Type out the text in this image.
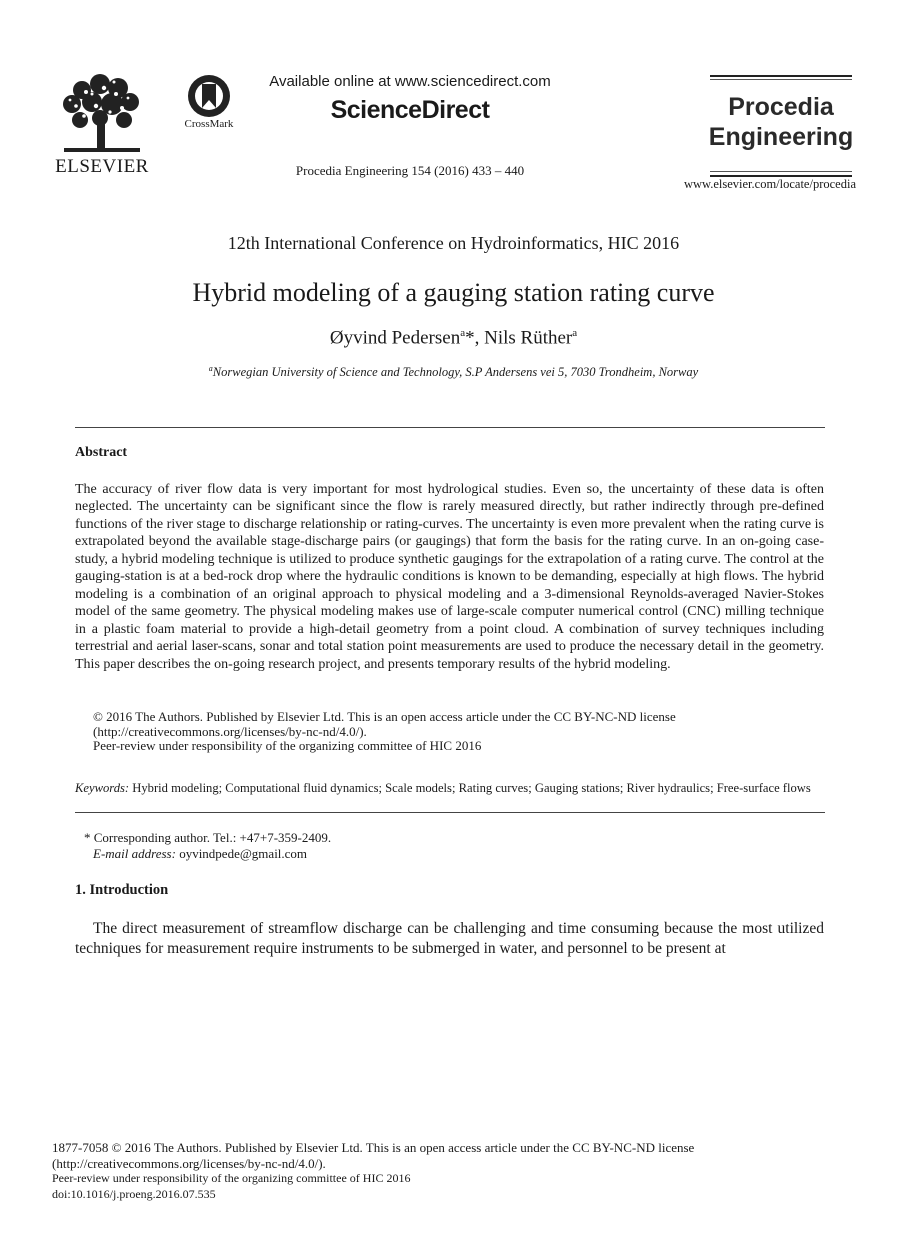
ELSEVIER
CrossMark
Available online at www.sciencedirect.com
ScienceDirect
Procedia Engineering 154 (2016) 433 – 440
Procedia
Engineering
www.elsevier.com/locate/procedia
12th International Conference on Hydroinformatics, HIC 2016
Hybrid modeling of a gauging station rating curve
Øyvind Pedersen$^a$*, Nils Rüther$^a$
$^a$Norwegian University of Science and Technology, S.P Andersens vei 5, 7030 Trondheim, Norway
Abstract
The accuracy of river flow data is very important for most hydrological studies. Even so, the uncertainty of these data is often neglected. The uncertainty can be significant since the flow is rarely measured directly, but rather indirectly through pre-defined functions of the river stage to discharge relationship or rating-curves. The uncertainty is even more prevalent when the rating curve is extrapolated beyond the available stage-discharge pairs (or gaugings) that form the basis for the rating curve. In an on-going case-study, a hybrid modeling technique is utilized to produce synthetic gaugings for the extrapolation of a rating curve. The control at the gauging-station is at a bed-rock drop where the hydraulic conditions is known to be demanding, especially at high flows. The hybrid modeling is a combination of an original approach to physical modeling and a 3-dimensional Reynolds-averaged Navier-Stokes model of the same geometry. The physical modeling makes use of large-scale computer numerical control (CNC) milling technique in a plastic foam material to provide a high-detail geometry from a point cloud. A combination of survey techniques including terrestrial and aerial laser-scans, sonar and total station point measurements are used to produce the necessary detail in the geometry. This paper describes the on-going research project, and presents temporary results of the hybrid modeling.
© 2016 The Authors. Published by Elsevier Ltd. This is an open access article under the CC BY-NC-ND license
(http://creativecommons.org/licenses/by-nc-nd/4.0/).
Peer-review under responsibility of the organizing committee of HIC 2016
Keywords: Hybrid modeling; Computational fluid dynamics; Scale models; Rating curves; Gauging stations; River hydraulics; Free-surface flows
* Corresponding author. Tel.: +47+7-359-2409.
E-mail address: oyvindpede@gmail.com
1. Introduction
The direct measurement of streamflow discharge can be challenging and time consuming because the most utilized techniques for measurement require instruments to be submerged in water, and personnel to be present at
1877-7058 © 2016 The Authors. Published by Elsevier Ltd. This is an open access article under the CC BY-NC-ND license
(http://creativecommons.org/licenses/by-nc-nd/4.0/).
Peer-review under responsibility of the organizing committee of HIC 2016
doi:10.1016/j.proeng.2016.07.535
